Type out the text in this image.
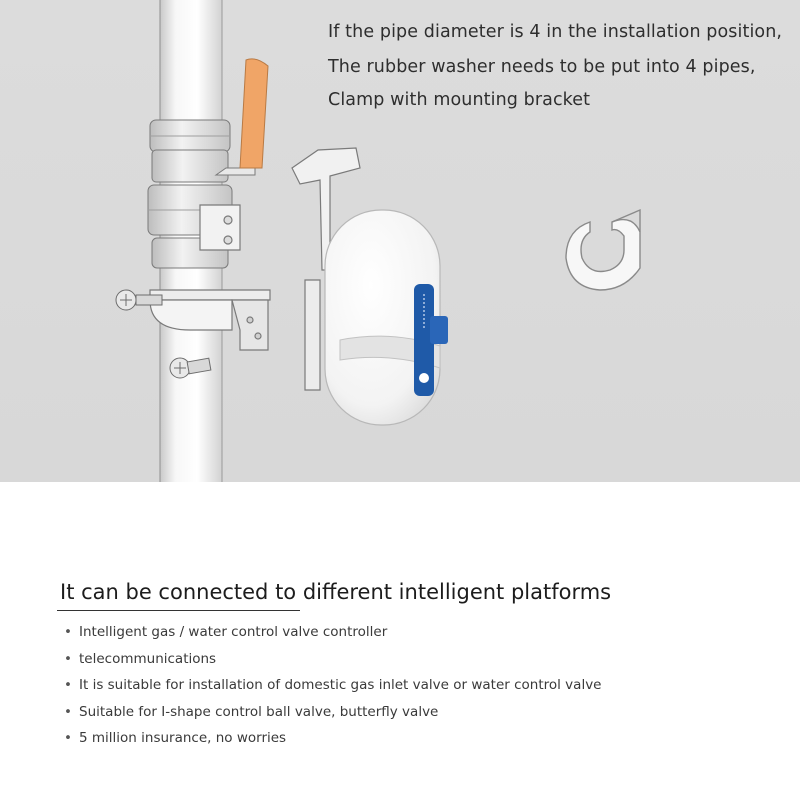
If the pipe diameter is 4 in the installation position,

The rubber washer needs to be put into 4 pipes,

Clamp with mounting bracket

It can be connected to different intelligent platforms
• Intelligent gas / water control valve controller
• telecommunications
• It is suitable for installation of domestic gas inlet valve or water control valve
• Suitable for I-shape control ball valve, butterfly valve
• 5 million insurance, no worries
